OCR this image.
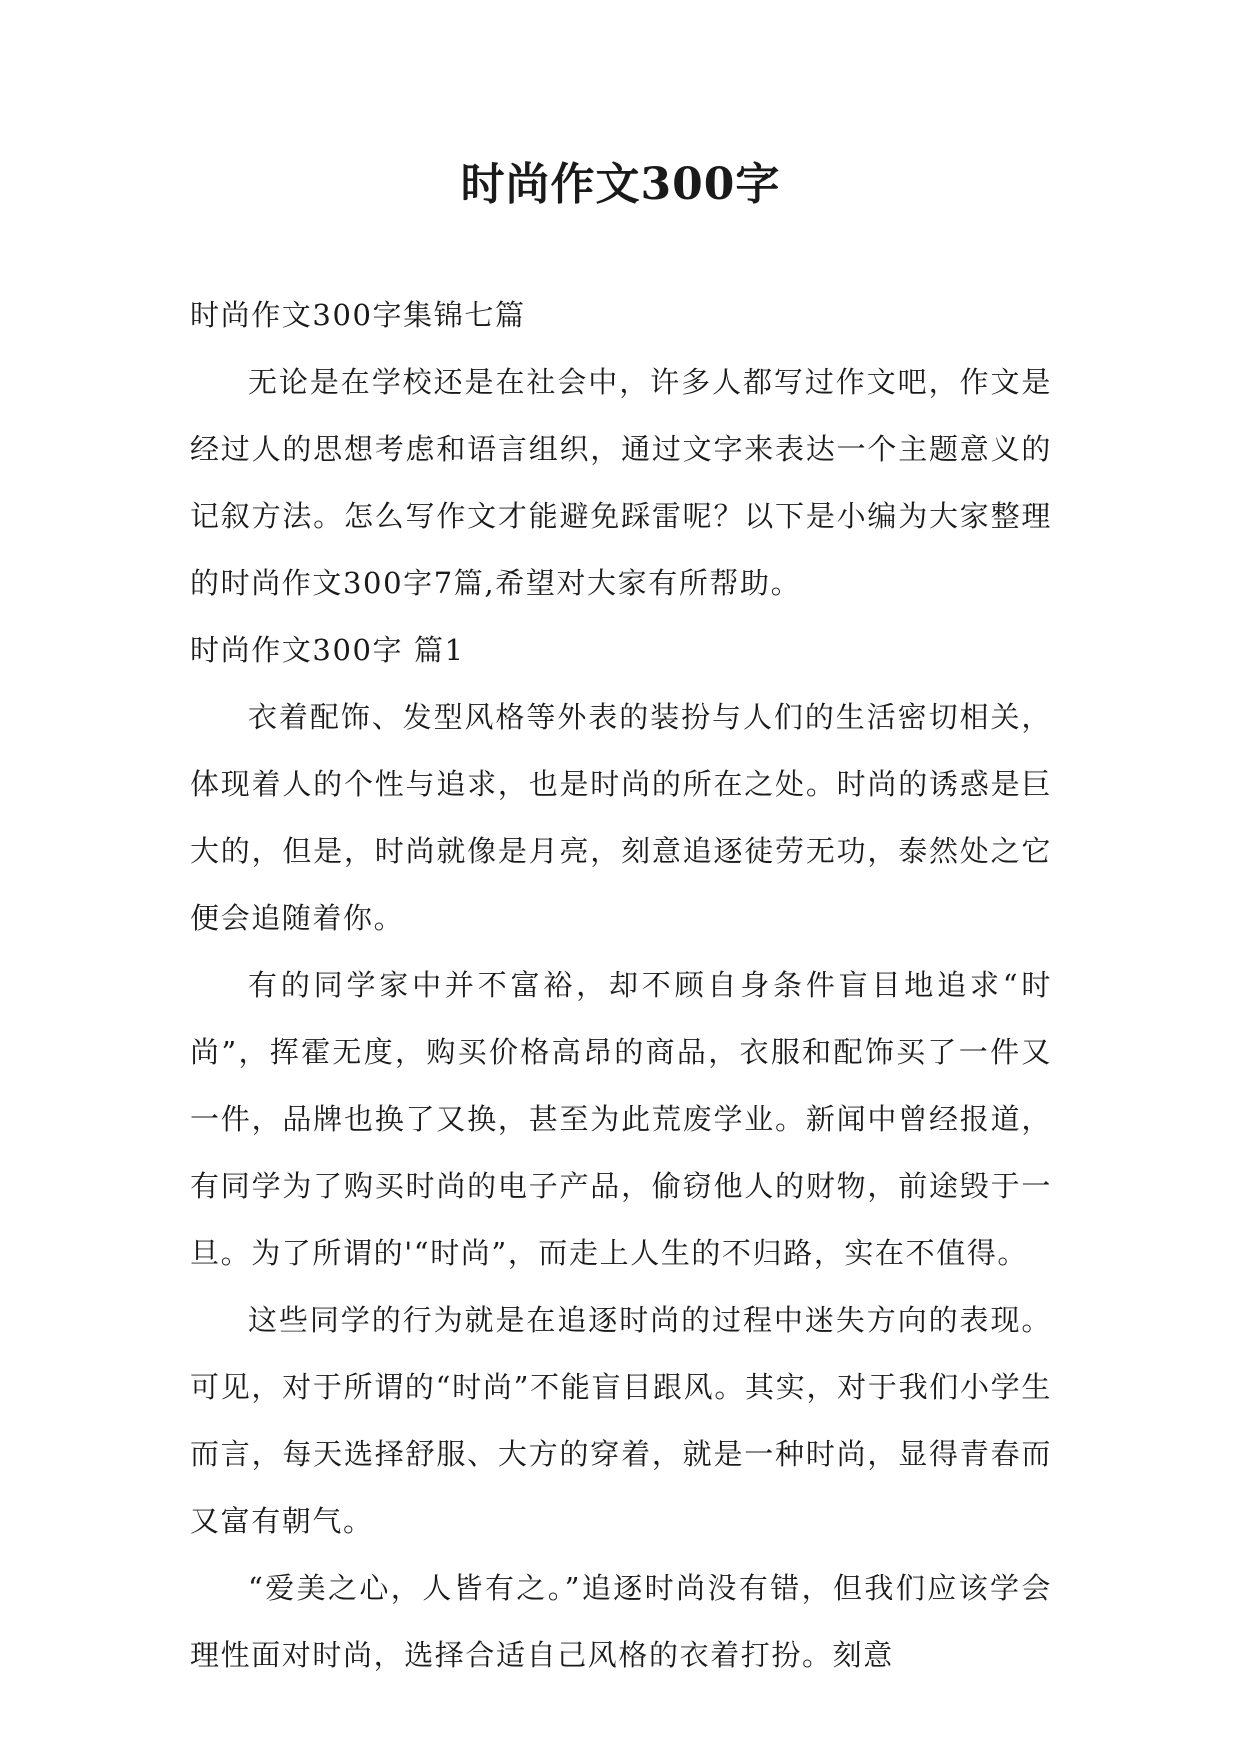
时尚作文300字

时尚作文300字集锦七篇

无论是在学校还是在社会中，许多人都写过作文吧，作文是经过人的思想考虑和语言组织，通过文字来表达一个主题意义的记叙方法。怎么写作文才能避免踩雷呢？以下是小编为大家整理的时尚作文300字7篇,希望对大家有所帮助。

时尚作文300字 篇1

衣着配饰、发型风格等外表的装扮与人们的生活密切相关，体现着人的个性与追求，也是时尚的所在之处。时尚的诱惑是巨大的，但是，时尚就像是月亮，刻意追逐徒劳无功，泰然处之它便会追随着你。

有的同学家中并不富裕，却不顾自身条件盲目地追求“时尚”，挥霍无度，购买价格高昂的商品，衣服和配饰买了一件又一件，品牌也换了又换，甚至为此荒废学业。新闻中曾经报道，有同学为了购买时尚的电子产品，偷窃他人的财物，前途毁于一旦。为了所谓的'“时尚”，而走上人生的不归路，实在不值得。

这些同学的行为就是在追逐时尚的过程中迷失方向的表现。可见，对于所谓的“时尚”不能盲目跟风。其实，对于我们小学生而言，每天选择舒服、大方的穿着，就是一种时尚，显得青春而又富有朝气。

“爱美之心，人皆有之。”追逐时尚没有错，但我们应该学会理性面对时尚，选择合适自己风格的衣着打扮。刻意
